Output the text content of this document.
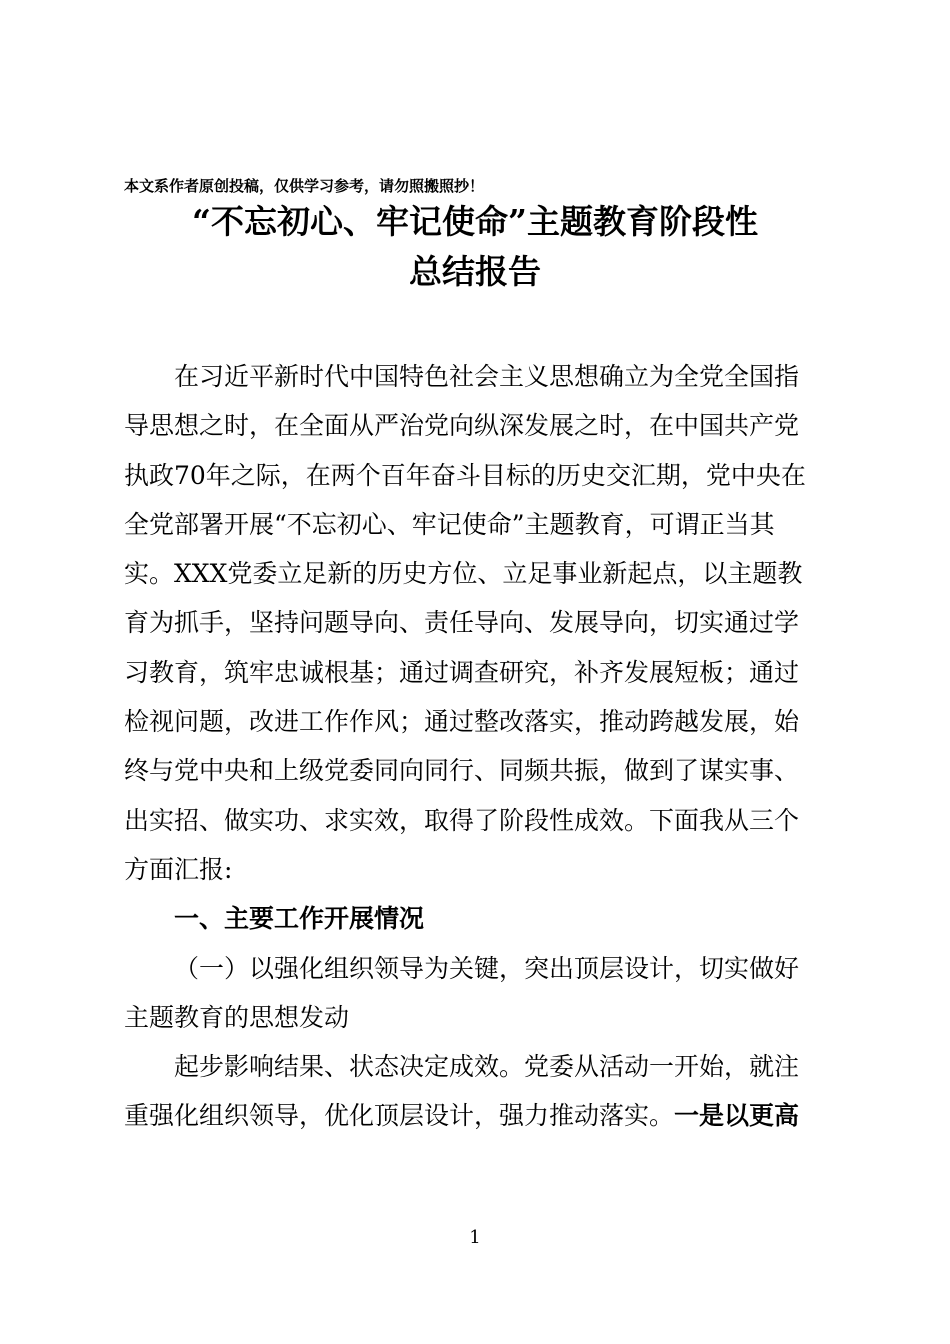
本文系作者原创投稿，仅供学习参考，请勿照搬照抄！
“不忘初心、牢记使命”主题教育阶段性
总结报告
在习近平新时代中国特色社会主义思想确立为全党全国指
导思想之时，在全面从严治党向纵深发展之时，在中国共产党
执政70年之际，在两个百年奋斗目标的历史交汇期，党中央在
全党部署开展“不忘初心、牢记使命”主题教育，可谓正当其
实。XXX党委立足新的历史方位、立足事业新起点，以主题教
育为抓手，坚持问题导向、责任导向、发展导向，切实通过学
习教育，筑牢忠诚根基；通过调查研究，补齐发展短板；通过
检视问题，改进工作作风；通过整改落实，推动跨越发展，始
终与党中央和上级党委同向同行、同频共振，做到了谋实事、
出实招、做实功、求实效，取得了阶段性成效。下面我从三个
方面汇报:
一、主要工作开展情况
（一）以强化组织领导为关键，突出顶层设计，切实做好
主题教育的思想发动
起步影响结果、状态决定成效。党委从活动一开始，就注
重强化组织领导，优化顶层设计，强力推动落实。一是以更高
1
